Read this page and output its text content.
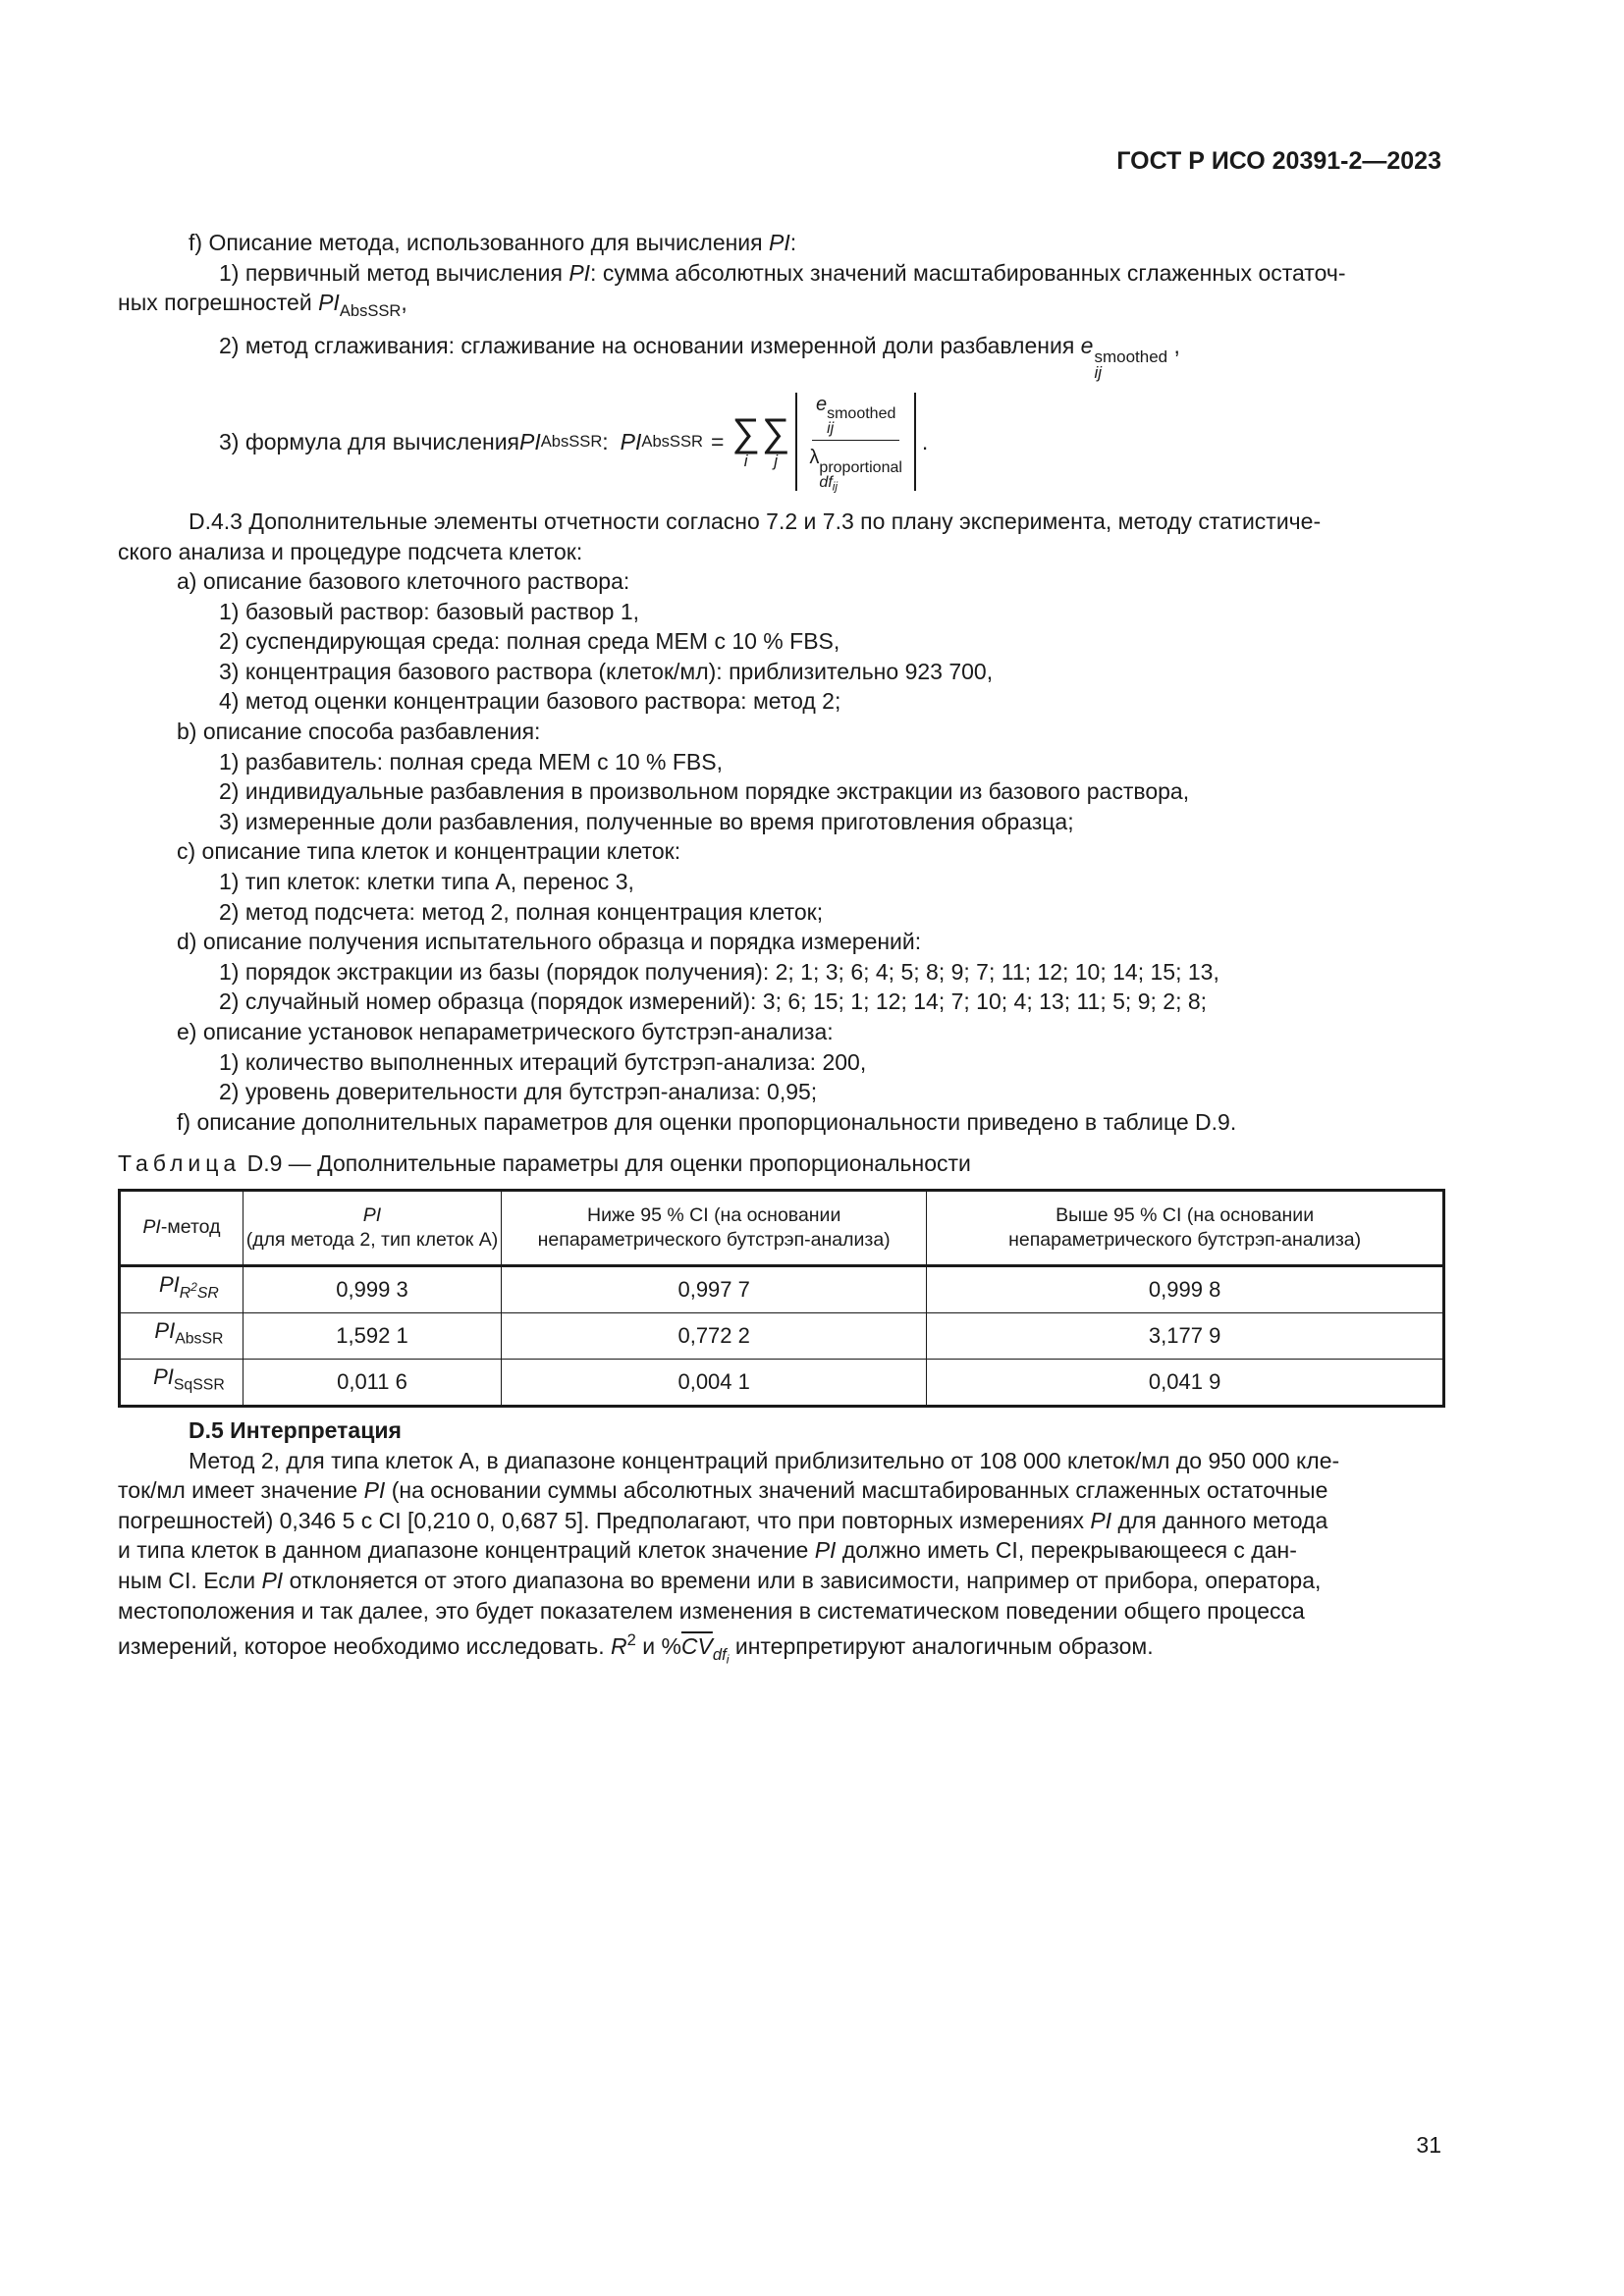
ГОСТ Р ИСО 20391-2—2023

f) Описание метода, использованного для вычисления PI:

1) первичный метод вычисления PI: сумма абсолютных значений масштабированных сглаженных остаточ-

ных погрешностей $PI_{AbsSSR}$,

2) метод сглаживания: сглаживание на основании измеренной доли разбавления e smoothed
ij
,

3) формула для вычисления PI AbsSSR : PI AbsSSR = ∑
i
∑
j e smoothed
ij
λ proportional
$df_{ij}$ .

D.4.3 Дополнительные элементы отчетности согласно 7.2 и 7.3 по плану эксперимента, методу статистиче-

ского анализа и процедуре подсчета клеток:

а) описание базового клеточного раствора:

1) базовый раствор: базовый раствор 1,

2) суспендирующая среда: полная среда MEM с 10 % FBS,

3) концентрация базового раствора (клеток/мл): приблизительно 923 700,

4) метод оценки концентрации базового раствора: метод 2;

b) описание способа разбавления:

1) разбавитель: полная среда MEM с 10 % FBS,

2) индивидуальные разбавления в произвольном порядке экстракции из базового раствора,

3) измеренные доли разбавления, полученные во время приготовления образца;

с) описание типа клеток и концентрации клеток:

1) тип клеток: клетки типа А, перенос 3,

2) метод подсчета: метод 2, полная концентрация клеток;

d) описание получения испытательного образца и порядка измерений:

1) порядок экстракции из базы (порядок получения): 2; 1; 3; 6; 4; 5; 8; 9; 7; 11; 12; 10; 14; 15; 13,

2) случайный номер образца (порядок измерений): 3; 6; 15; 1; 12; 14; 7; 10; 4; 13; 11; 5; 9; 2; 8;

е) описание установок непараметрического бутстрэп-анализа:

1) количество выполненных итераций бутстрэп-анализа: 200,

2) уровень доверительности для бутстрэп-анализа: 0,95;

f) описание дополнительных параметров для оценки пропорциональности приведено в таблице D.9.

Таблица D.9 — Дополнительные параметры для оценки пропорциональности

PI-метод	PI
(для метода 2, тип клеток А)	Ниже 95 % CI (на основании
непараметрического бутстрэп-анализа)	Выше 95 % CI (на основании
непараметрического бутстрэп-анализа)
$PI_{R^2SR}$	0,999 3	0,997 7	0,999 8
$PI_{AbsSR}$	1,592 1	0,772 2	3,177 9
$PI_{SqSSR}$	0,011 6	0,004 1	0,041 9

D.5 Интерпретация

Метод 2, для типа клеток А, в диапазоне концентраций приблизительно от 108 000 клеток/мл до 950 000 кле-

ток/мл имеет значение PI (на основании суммы абсолютных значений масштабированных сглаженных остаточные

погрешностей) 0,346 5 с CI [0,210 0, 0,687 5]. Предполагают, что при повторных измерениях PI для данного метода

и типа клеток в данном диапазоне концентраций клеток значение PI должно иметь CI, перекрывающееся с дан-

ным CI. Если PI отклоняется от этого диапазона во времени или в зависимости, например от прибора, оператора,

местоположения и так далее, это будет показателем изменения в систематическом поведении общего процесса

измерений, которое необходимо исследовать. $R^2$ и $\%\overline{CV}_{df_i}$ интерпретируют аналогичным образом.

31
